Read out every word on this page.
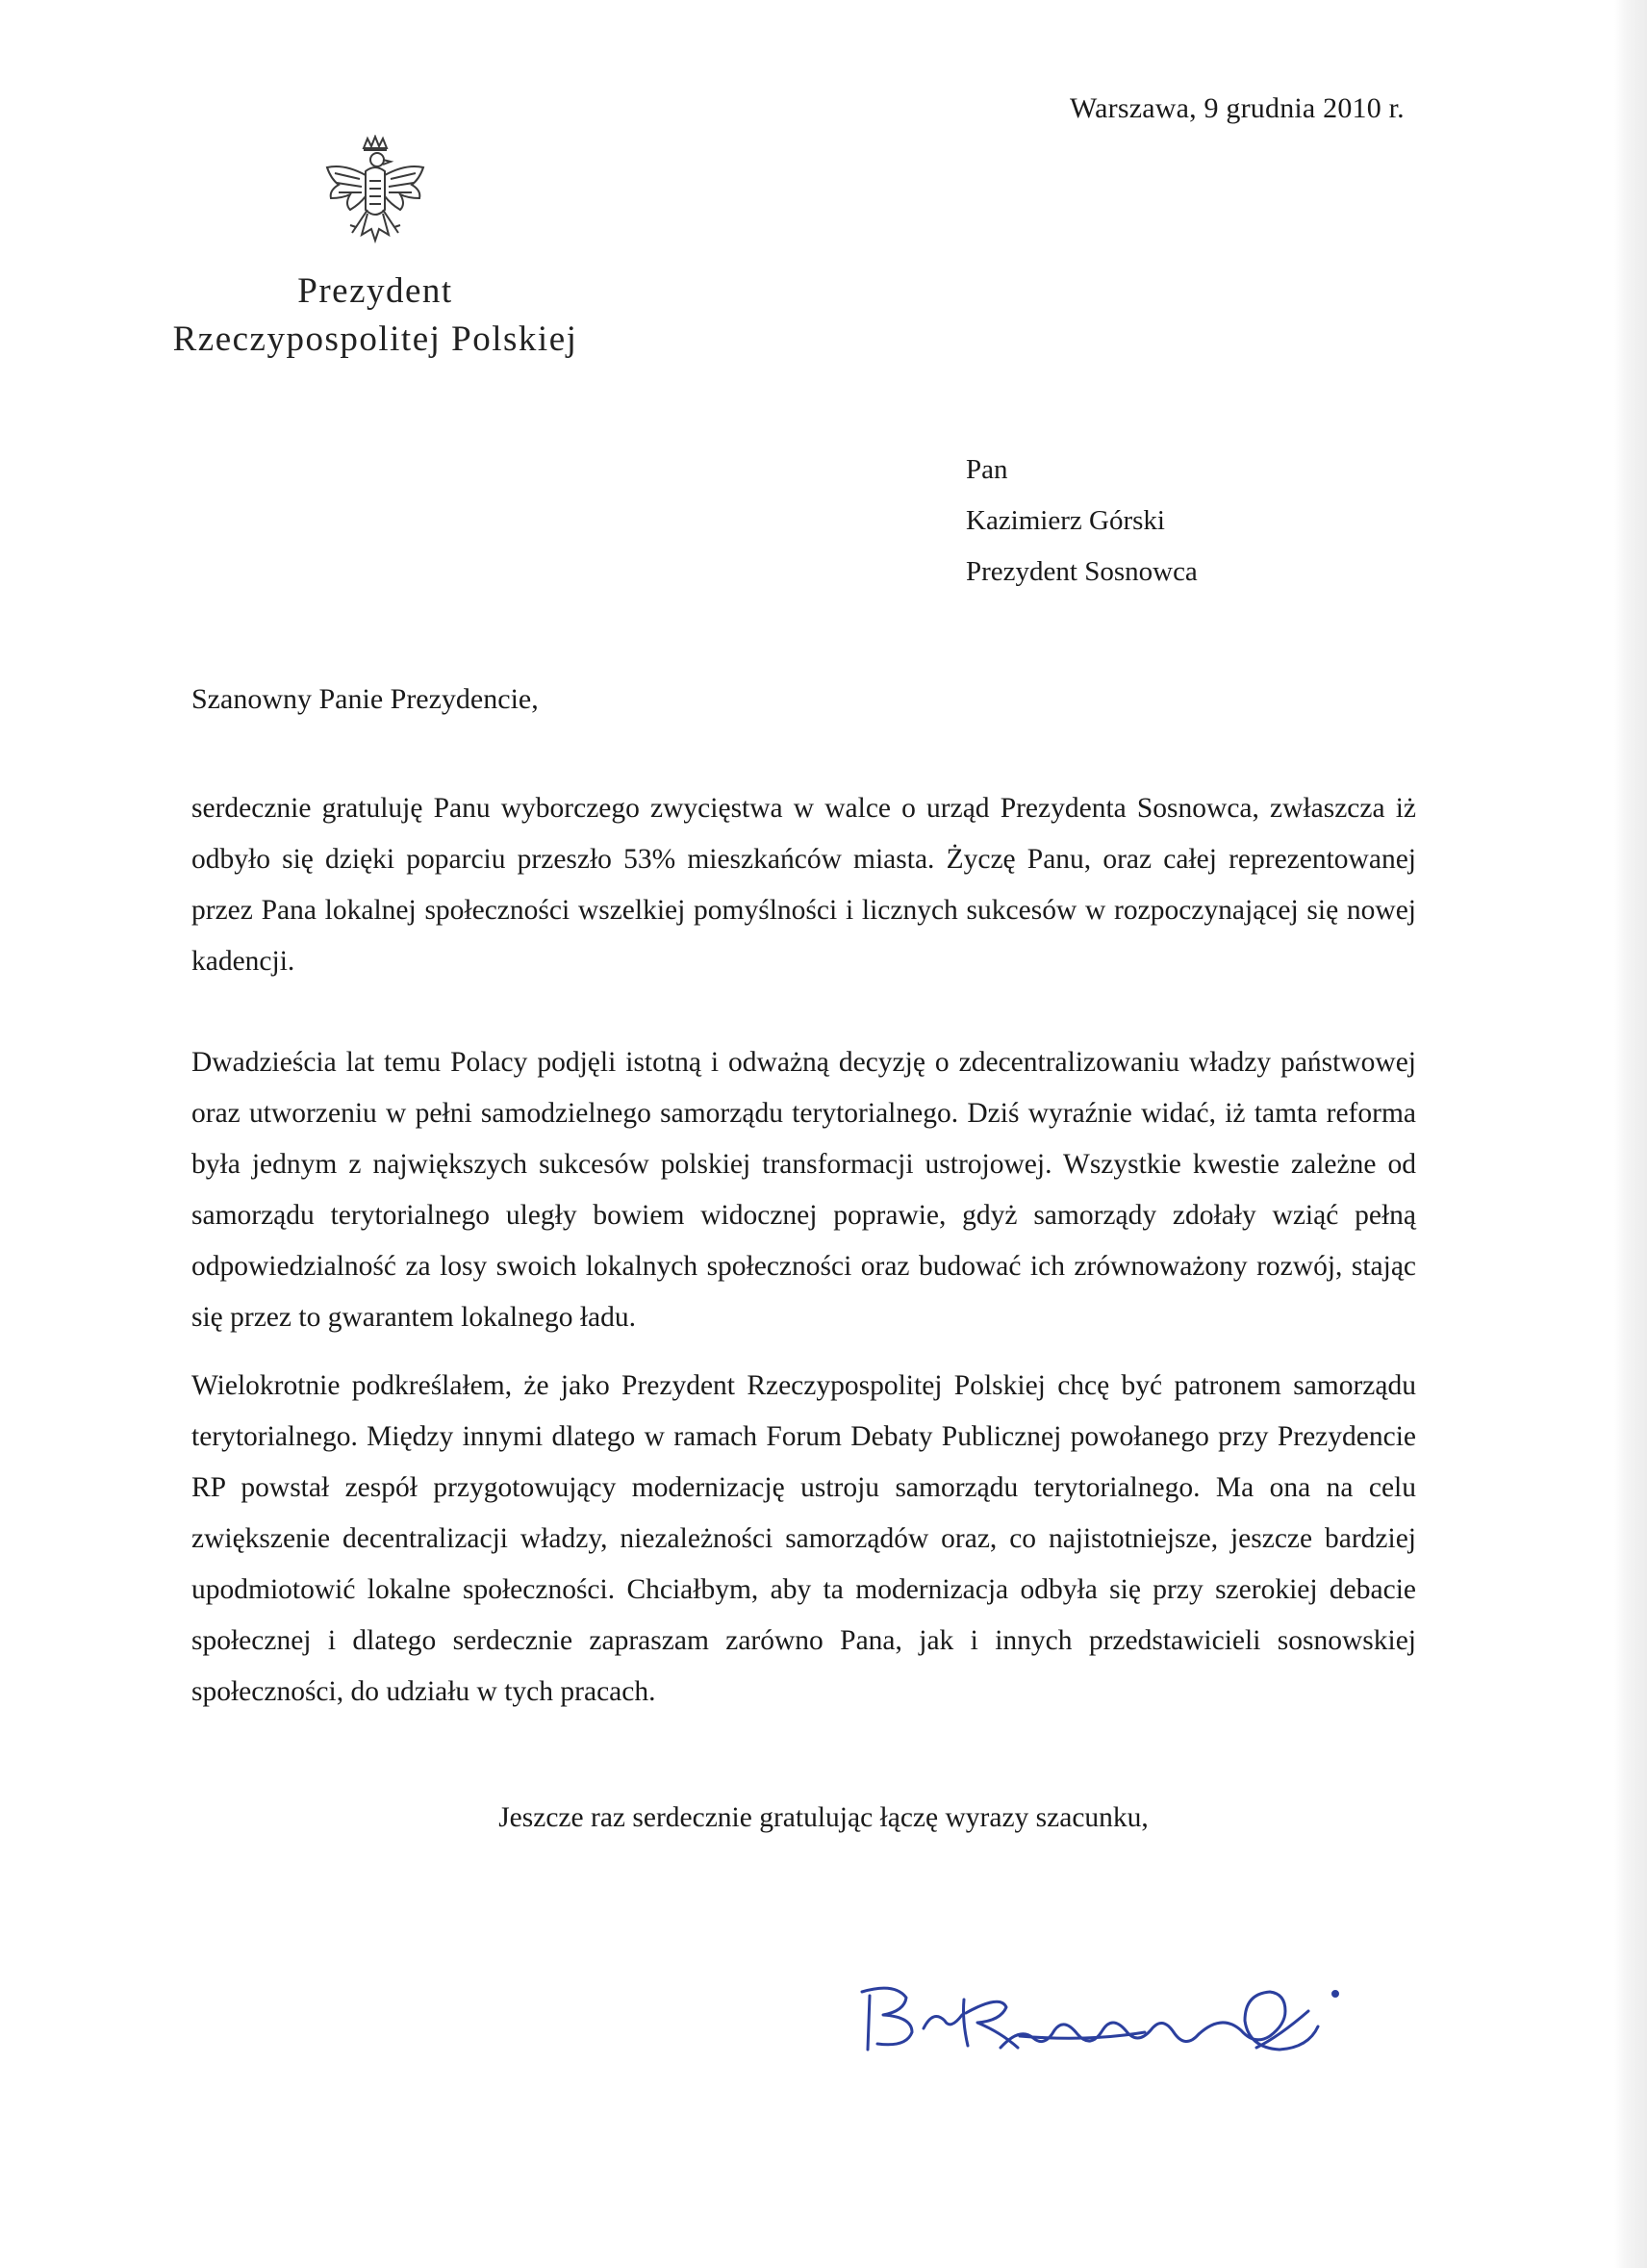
Warszawa, 9 grudnia 2010 r.
Prezydent
Rzeczypospolitej Polskiej
Pan
Kazimierz Górski
Prezydent Sosnowca
Szanowny Panie Prezydencie,
serdecznie gratuluję Panu wyborczego zwycięstwa w walce o urząd Prezydenta Sosnowca, zwłaszcza iż odbyło się dzięki poparciu przeszło 53% mieszkańców miasta. Życzę Panu, oraz całej reprezentowanej przez Pana lokalnej społeczności wszelkiej pomyślności i licznych sukcesów w rozpoczynającej się nowej kadencji.
Dwadzieścia lat temu Polacy podjęli istotną i odważną decyzję o zdecentralizowaniu władzy państwowej oraz utworzeniu w pełni samodzielnego samorządu terytorialnego. Dziś wyraźnie widać, iż tamta reforma była jednym z największych sukcesów polskiej transformacji ustrojowej. Wszystkie kwestie zależne od samorządu terytorialnego uległy bowiem widocznej poprawie, gdyż samorządy zdołały wziąć pełną odpowiedzialność za losy swoich lokalnych społeczności oraz budować ich zrównoważony rozwój, stając się przez to gwarantem lokalnego ładu.
Wielokrotnie podkreślałem, że jako Prezydent Rzeczypospolitej Polskiej chcę być patronem samorządu terytorialnego. Między innymi dlatego w ramach Forum Debaty Publicznej powołanego przy Prezydencie RP powstał zespół przygotowujący modernizację ustroju samorządu terytorialnego. Ma ona na celu zwiększenie decentralizacji władzy, niezależności samorządów oraz, co najistotniejsze, jeszcze bardziej upodmiotowić lokalne społeczności. Chciałbym, aby ta modernizacja odbyła się przy szerokiej debacie społecznej i dlatego serdecznie zapraszam zarówno Pana, jak i innych przedstawicieli sosnowskiej społeczności, do udziału w tych pracach.
Jeszcze raz serdecznie gratulując łączę wyrazy szacunku,
